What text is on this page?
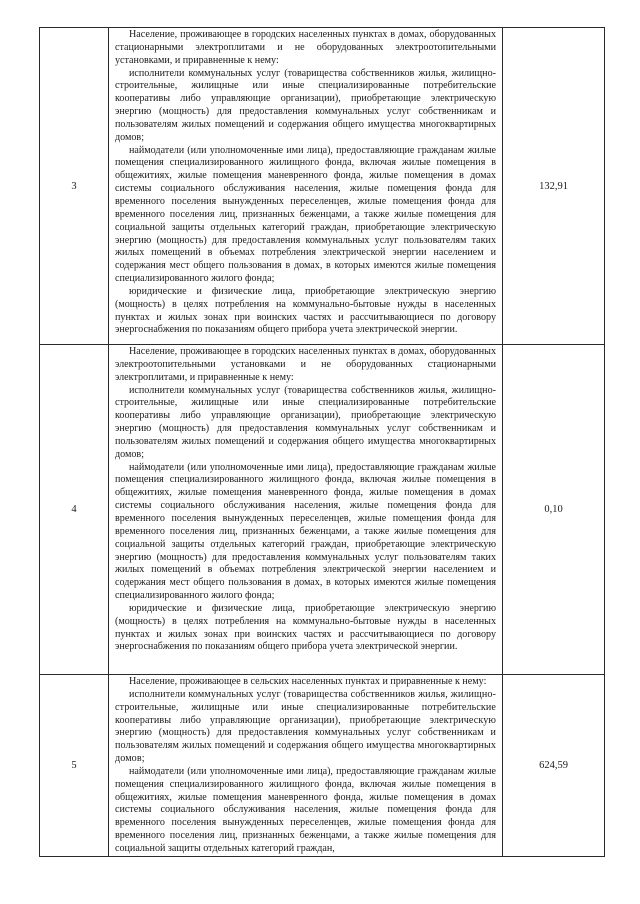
3	Население, проживающее в городских населенных пунктах в домах, оборудованных стационарными электроплитами и не оборудованных электроотопительными установками, и приравненные к нему:

исполнители коммунальных услуг (товарищества собственников жилья, жилищно-строительные, жилищные или иные специализированные потребительские кооперативы либо управляющие организации), приобретающие электрическую энергию (мощность) для предоставления коммунальных услуг собственникам и пользователям жилых помещений и содержания общего имущества многоквартирных домов;

наймодатели (или уполномоченные ими лица), предоставляющие гражданам жилые помещения специализированного жилищного фонда, включая жилые помещения в общежитиях, жилые помещения маневренного фонда, жилые помещения в домах системы социального обслуживания населения, жилые помещения фонда для временного поселения вынужденных переселенцев, жилые помещения фонда для временного поселения лиц, признанных беженцами, а также жилые помещения для социальной защиты отдельных категорий граждан, приобретающие электрическую энергию (мощность) для предоставления коммунальных услуг пользователям таких жилых помещений в объемах потребления электрической энергии населением и содержания мест общего пользования в домах, в которых имеются жилые помещения специализированного жилого фонда;

юридические и физические лица, приобретающие электрическую энергию (мощность) в целях потребления на коммунально-бытовые нужды в населенных пунктах и жилых зонах при воинских частях и рассчитывающиеся по договору энергоснабжения по показаниям общего прибора учета электрической энергии.	132,91
4	Население, проживающее в городских населенных пунктах в домах, оборудованных электроотопительными установками и не оборудованных стационарными электроплитами, и приравненные к нему:

исполнители коммунальных услуг (товарищества собственников жилья, жилищно-строительные, жилищные или иные специализированные потребительские кооперативы либо управляющие организации), приобретающие электрическую энергию (мощность) для предоставления коммунальных услуг собственникам и пользователям жилых помещений и содержания общего имущества многоквартирных домов;

наймодатели (или уполномоченные ими лица), предоставляющие гражданам жилые помещения специализированного жилищного фонда, включая жилые помещения в общежитиях, жилые помещения маневренного фонда, жилые помещения в домах системы социального обслуживания населения, жилые помещения фонда для временного поселения вынужденных переселенцев, жилые помещения фонда для временного поселения лиц, признанных беженцами, а также жилые помещения для социальной защиты отдельных категорий граждан, приобретающие электрическую энергию (мощность) для предоставления коммунальных услуг пользователям таких жилых помещений в объемах потребления электрической энергии населением и содержания мест общего пользования в домах, в которых имеются жилые помещения специализированного жилого фонда;

юридические и физические лица, приобретающие электрическую энергию (мощность) в целях потребления на коммунально-бытовые нужды в населенных пунктах и жилых зонах при воинских частях и рассчитывающиеся по договору энергоснабжения по показаниям общего прибора учета электрической энергии.	0,10
5	Население, проживающее в сельских населенных пунктах и приравненные к нему:

исполнители коммунальных услуг (товарищества собственников жилья, жилищно-строительные, жилищные или иные специализированные потребительские кооперативы либо управляющие организации), приобретающие электрическую энергию (мощность) для предоставления коммунальных услуг собственникам и пользователям жилых помещений и содержания общего имущества многоквартирных домов;

наймодатели (или уполномоченные ими лица), предоставляющие гражданам жилые помещения специализированного жилищного фонда, включая жилые помещения в общежитиях, жилые помещения маневренного фонда, жилые помещения в домах системы социального обслуживания населения, жилые помещения фонда для временного поселения вынужденных переселенцев, жилые помещения фонда для временного поселения лиц, признанных беженцами, а также жилые помещения для социальной защиты отдельных категорий граждан,	624,59
